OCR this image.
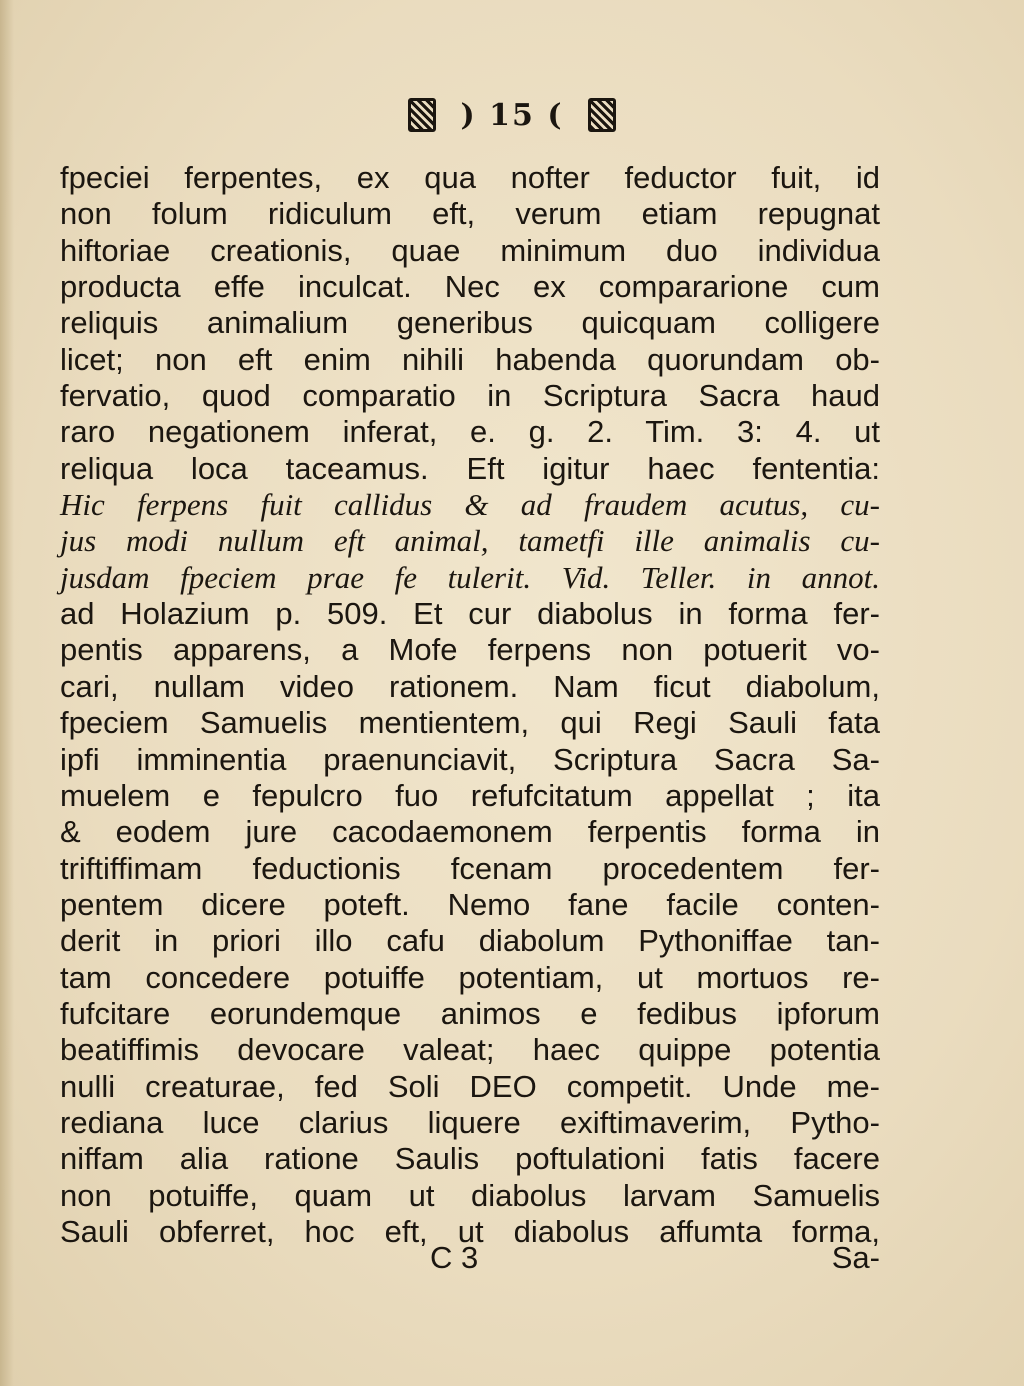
) 15 (
fpeciei ferpentes, ex qua nofter feductor fuit, id
non folum ridiculum eft, verum etiam repugnat
hiftoriae creationis, quae minimum duo individua
producta effe inculcat. Nec ex compararione cum
reliquis animalium generibus quicquam colligere
licet; non eft enim nihili habenda quorundam ob-
fervatio, quod comparatio in Scriptura Sacra haud
raro negationem inferat, e. g. 2. Tim. 3: 4. ut
reliqua loca taceamus. Eft igitur haec fententia:
Hic ferpens fuit callidus & ad fraudem acutus, cu-
jus modi nullum eft animal, tametfi ille animalis cu-
jusdam fpeciem prae fe tulerit. Vid. Teller. in annot.
ad Holazium p. 509. Et cur diabolus in forma fer-
pentis apparens, a Mofe ferpens non potuerit vo-
cari, nullam video rationem. Nam ficut diabolum,
fpeciem Samuelis mentientem, qui Regi Sauli fata
ipfi imminentia praenunciavit, Scriptura Sacra Sa-
muelem e fepulcro fuo refufcitatum appellat ; ita
& eodem jure cacodaemonem ferpentis forma in
triftiffimam feductionis fcenam procedentem fer-
pentem dicere poteft. Nemo fane facile conten-
derit in priori illo cafu diabolum Pythoniffae tan-
tam concedere potuiffe potentiam, ut mortuos re-
fufcitare eorundemque animos e fedibus ipforum
beatiffimis devocare valeat; haec quippe potentia
nulli creaturae, fed Soli DEO competit. Unde me-
rediana luce clarius liquere exiftimaverim, Pytho-
niffam alia ratione Saulis poftulationi fatis facere
non potuiffe, quam ut diabolus larvam Samuelis
Sauli obferret, hoc eft, ut diabolus affumta forma,
C 3	Sa-
